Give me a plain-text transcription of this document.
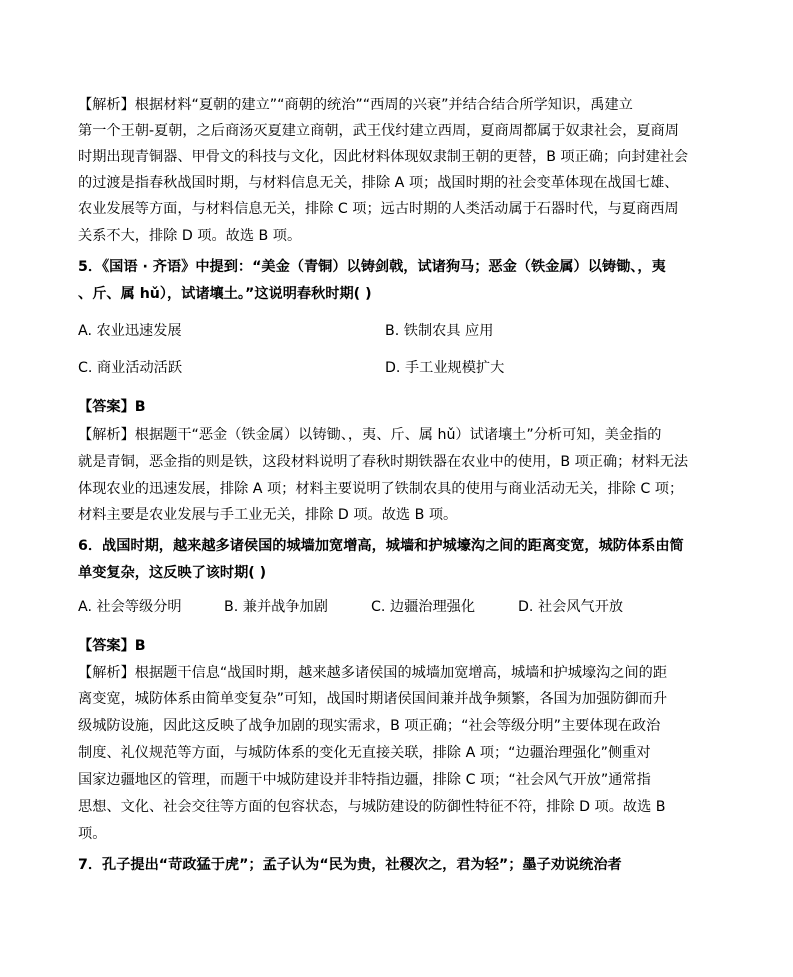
【解析】根据材料“夏朝的建立”“商朝的统治”“西周的兴衰”并结合结合所学知识，禹建立
第一个王朝-夏朝，之后商汤灭夏建立商朝，武王伐纣建立西周，夏商周都属于奴隶社会，夏商周
时期出现青铜器、甲骨文的科技与文化，因此材料体现奴隶制王朝的更替，B 项正确；向封建社会
的过渡是指春秋战国时期，与材料信息无关，排除 A 项；战国时期的社会变革体现在战国七雄、
农业发展等方面，与材料信息无关，排除 C 项；远古时期的人类活动属于石器时代，与夏商西周
关系不大，排除 D 项。故选 B 项。
5．《国语 · 齐语》中提到：“美金（青铜）以铸剑戟，试诸狗马；恶金（铁金属）以铸锄、，夷
、斤、属 hǔ），试诸壤土。”这说明春秋时期( )
A. 农业迅速发展	B. 铁制农具 应用
C. 商业活动活跃	D. 手工业规模扩大
【答案】B
【解析】根据题干“恶金（铁金属）以铸锄、，夷、斤、属 hǔ）试诸壤土”分析可知，美金指的
就是青铜，恶金指的则是铁，这段材料说明了春秋时期铁器在农业中的使用，B 项正确；材料无法
体现农业的迅速发展，排除 A 项；材料主要说明了铁制农具的使用与商业活动无关，排除 C 项；
材料主要是农业发展与手工业无关，排除 D 项。故选 B 项。
6．战国时期，越来越多诸侯国的城墙加宽增高，城墙和护城壕沟之间的距离变宽，城防体系由简
单变复杂，这反映了该时期( )
A. 社会等级分明	B. 兼并战争加剧	C. 边疆治理强化	D. 社会风气开放
【答案】B
【解析】根据题干信息“战国时期，越来越多诸侯国的城墙加宽增高，城墙和护城壕沟之间的距
离变宽，城防体系由简单变复杂”可知，战国时期诸侯国间兼并战争频繁，各国为加强防御而升
级城防设施，因此这反映了战争加剧的现实需求，B 项正确；“社会等级分明”主要体现在政治
制度、礼仪规范等方面，与城防体系的变化无直接关联，排除 A 项；“边疆治理强化”侧重对
国家边疆地区的管理，而题干中城防建设并非特指边疆，排除 C 项；“社会风气开放”通常指
思想、文化、社会交往等方面的包容状态，与城防建设的防御性特征不符，排除 D 项。故选 B
项。
7．孔子提出“苛政猛于虎”；孟子认为“民为贵，社稷次之，君为轻”；墨子劝说统治者
